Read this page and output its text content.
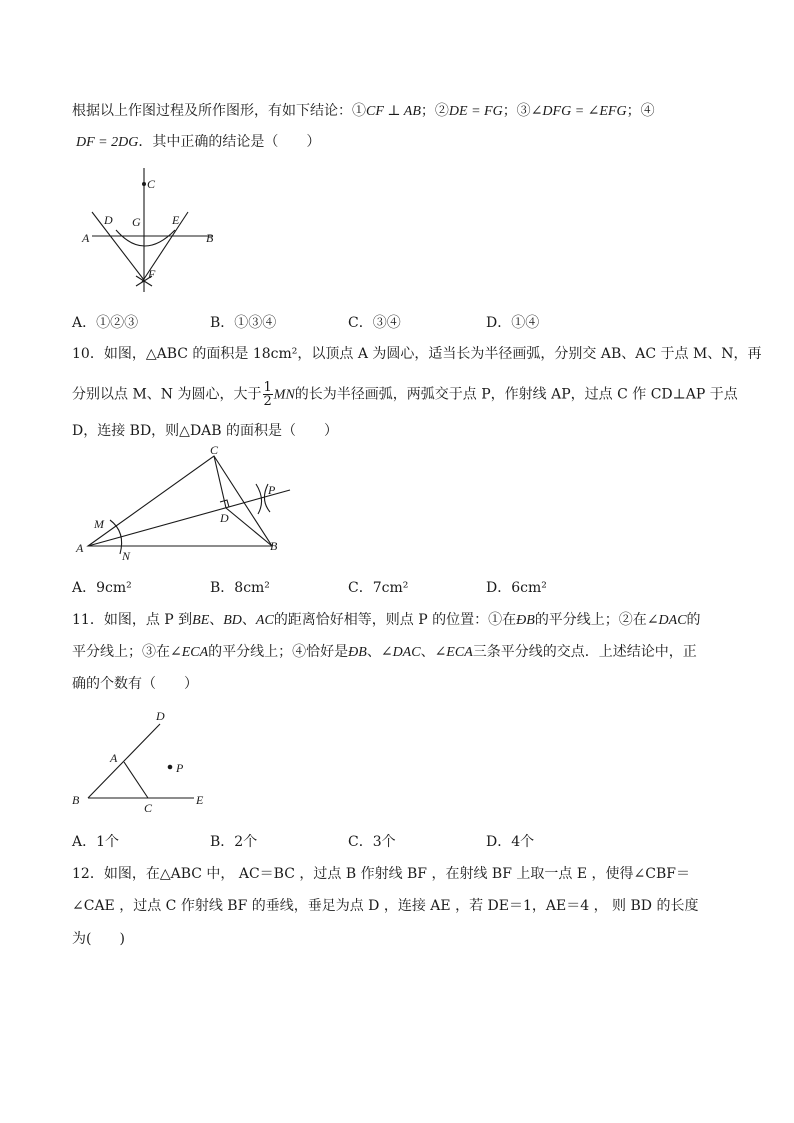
根据以上作图过程及所作图形，有如下结论：①CF ⊥ AB；②DE = FG；③∠DFG = ∠EFG；④
DF = 2DG．其中正确的结论是（　　）
C
D G	E
A	B
F
A．①②③	B．①③④	C．③④	D．①④
10．如图，△ABC 的面积是 18cm²，以顶点 A 为圆心，适当长为半径画弧，分别交 AB、AC 于点 M、N，再
分别以点 M、N 为圆心，大于 $\frac{1}{2}$ MN的长为半径画弧，两弧交于点 P，作射线 AP，过点 C 作 CD⊥AP 于点
D，连接 BD，则△DAB 的面积是（　　）
C
P
D
M
A
N
B
A．9cm²	B．8cm²	C．7cm²	D．6cm²
11．如图，点 P 到BE、BD、AC的距离恰好相等，则点 P 的位置：①在ÐB的平分线上；②在∠DAC的
平分线上；③在∠ECA的平分线上；④恰好是ÐB、∠DAC、∠ECA三条平分线的交点．上述结论中，正
确的个数有（　　）
D
A
P
B
C
E
A．1个	B．2个	C．3个	D．4个
12．如图，在△ABC 中， AC＝BC ，过点 B 作射线 BF ，在射线 BF 上取一点 E ，使得∠CBF＝
∠CAE ，过点 C 作射线 BF 的垂线，垂足为点 D ，连接 AE ，若 DE＝1，AE＝4 ， 则 BD 的长度
为(　　)
